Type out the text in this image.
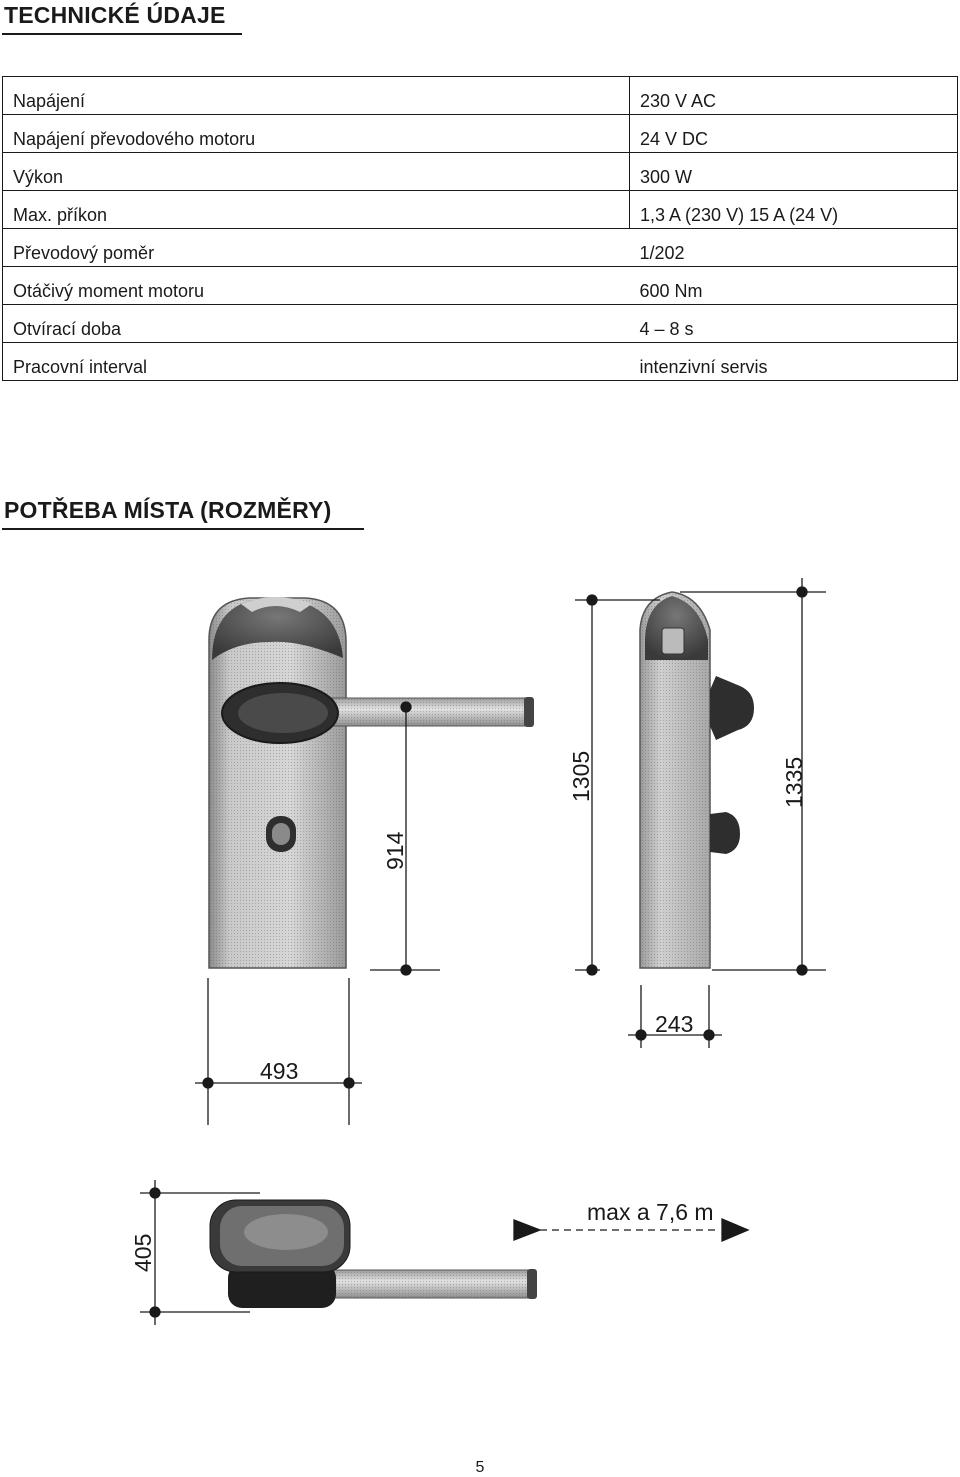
TECHNICKÉ ÚDAJE
Napájení	230 V AC
Napájení převodového motoru	24 V DC
Výkon	300 W
Max. příkon	1,3 A (230 V) 15 A (24 V)
Převodový poměr	1/202
Otáčivý moment motoru	600 Nm
Otvírací doba	4 – 8 s
Pracovní interval	intenzivní servis
POTŘEBA MÍSTA (ROZMĚRY)
914
1305	1335
493
243
405
max a 7,6 m
5
